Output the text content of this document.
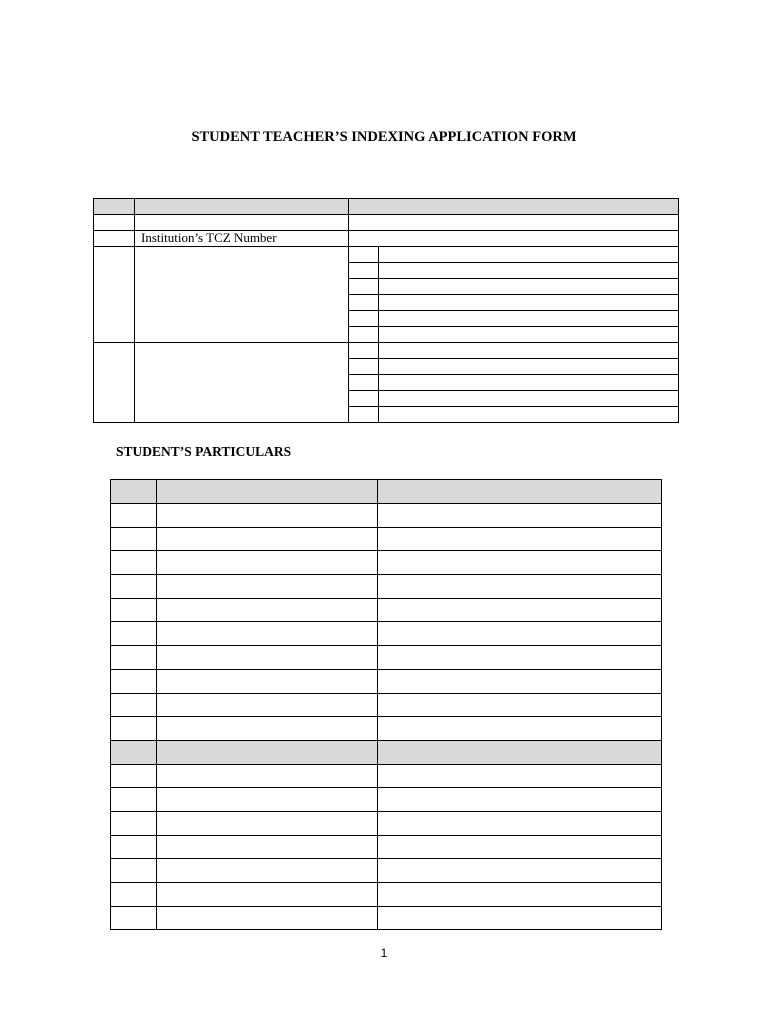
STUDENT TEACHER’S INDEXING APPLICATION FORM
Institution’s TCZ Number
STUDENT’S PARTICULARS
1
